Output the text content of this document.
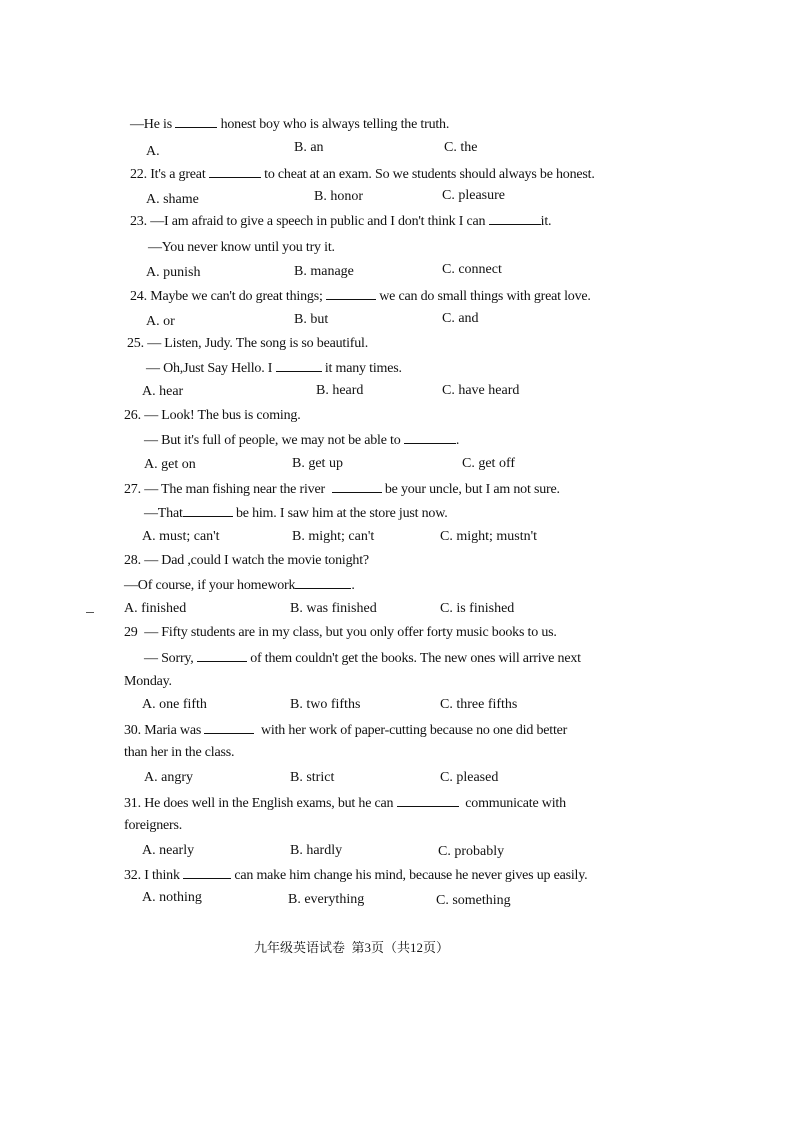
—He is	honest boy who is always telling the truth.
A.	B. an	C. the
22. It's a great	to cheat at an exam. So we students should always be honest.
A. shame	B. honor	C. pleasure
23. —I am afraid to give a speech in public and I don't think I can	it.
—You never know until you try it.
A. punish	B. manage	C. connect
24. Maybe we can't do great things;	we can do small things with great love.
A. or	B. but	C. and
25. — Listen, Judy. The song is so beautiful.
— Oh,Just Say Hello. I	it many times.
A. hear	B. heard	C. have heard
26. — Look! The bus is coming.
— But it's full of people, we may not be able to	.
A. get on	B. get up	C. get off
27. — The man fishing near the river	be your uncle, but I am not sure.
—That	be him. I saw him at the store just now.
A. must; can't	B. might; can't	C. might; mustn't
28. — Dad ,could I watch the movie tonight?
—Of course, if your homework	.
A. finished	B. was finished	C. is finished
29  — Fifty students are in my class, but you only offer forty music books to us.
— Sorry,	of them couldn't get the books. The new ones will arrive next
Monday.
A. one fifth	B. two fifths	C. three fifths
30. Maria was	with her work of paper-cutting because no one did better
than her in the class.
A. angry	B. strict	C. pleased
31. He does well in the English exams, but he can	communicate with
foreigners.
A. nearly	B. hardly	C. probably
32. I think	can make him change his mind, because he never gives up easily.
A. nothing	B. everything	C. something
九年级英语试卷  第3页（共12页）
